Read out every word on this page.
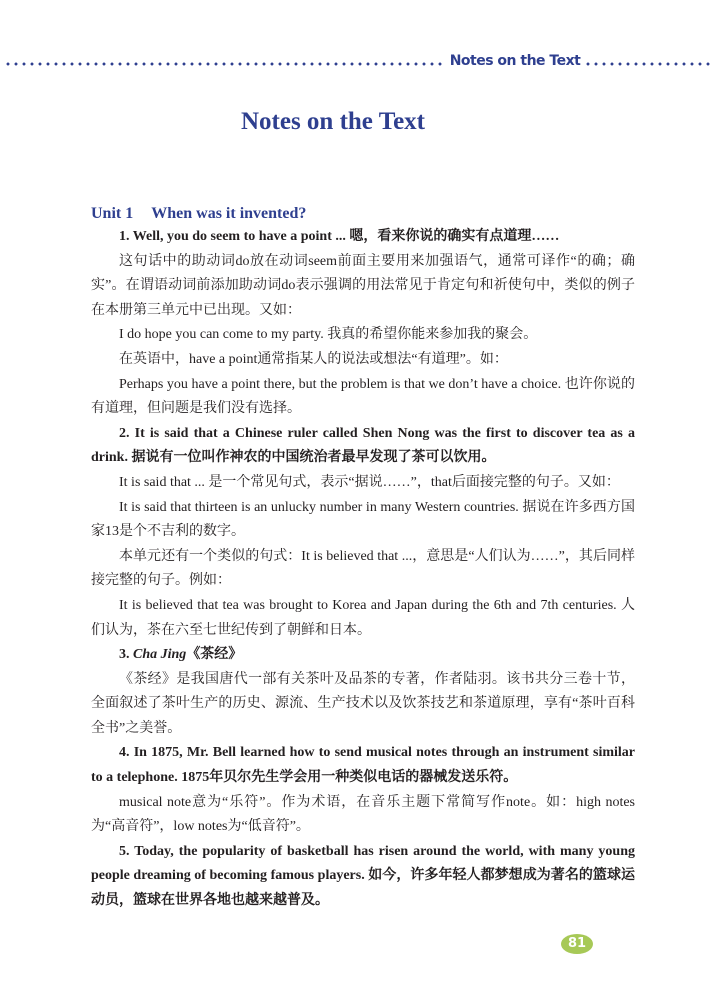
Notes on the Text
Notes on the Text
Unit 1 When was it invented?

1. Well, you do seem to have a point ... 嗯，看来你说的确实有点道理……

这句话中的助动词do放在动词seem前面主要用来加强语气，通常可译作“的确；确实”。在谓语动词前添加助动词do表示强调的用法常见于肯定句和祈使句中，类似的例子在本册第三单元中已出现。又如：

I do hope you can come to my party. 我真的希望你能来参加我的聚会。

在英语中，have a point通常指某人的说法或想法“有道理”。如：

Perhaps you have a point there, but the problem is that we don’t have a choice. 也许你说的有道理，但问题是我们没有选择。

2. It is said that a Chinese ruler called Shen Nong was the first to discover tea as a drink. 据说有一位叫作神农的中国统治者最早发现了茶可以饮用。

It is said that ... 是一个常见句式，表示“据说……”，that后面接完整的句子。又如：

It is said that thirteen is an unlucky number in many Western countries. 据说在许多西方国家13是个不吉利的数字。

本单元还有一个类似的句式：It is believed that ...，意思是“人们认为……”，其后同样接完整的句子。例如：

It is believed that tea was brought to Korea and Japan during the 6th and 7th centuries. 人们认为，茶在六至七世纪传到了朝鲜和日本。

3. Cha Jing《茶经》

《茶经》是我国唐代一部有关茶叶及品茶的专著，作者陆羽。该书共分三卷十节，全面叙述了茶叶生产的历史、源流、生产技术以及饮茶技艺和茶道原理，享有“茶叶百科全书”之美誉。

4. In 1875, Mr. Bell learned how to send musical notes through an instrument similar to a telephone. 1875年贝尔先生学会用一种类似电话的器械发送乐符。

musical note意为“乐符”。作为术语，在音乐主题下常简写作note。如：high notes为“高音符”，low notes为“低音符”。

5. Today, the popularity of basketball has risen around the world, with many young people dreaming of becoming famous players. 如今，许多年轻人都梦想成为著名的篮球运动员，篮球在世界各地也越来越普及。

81
